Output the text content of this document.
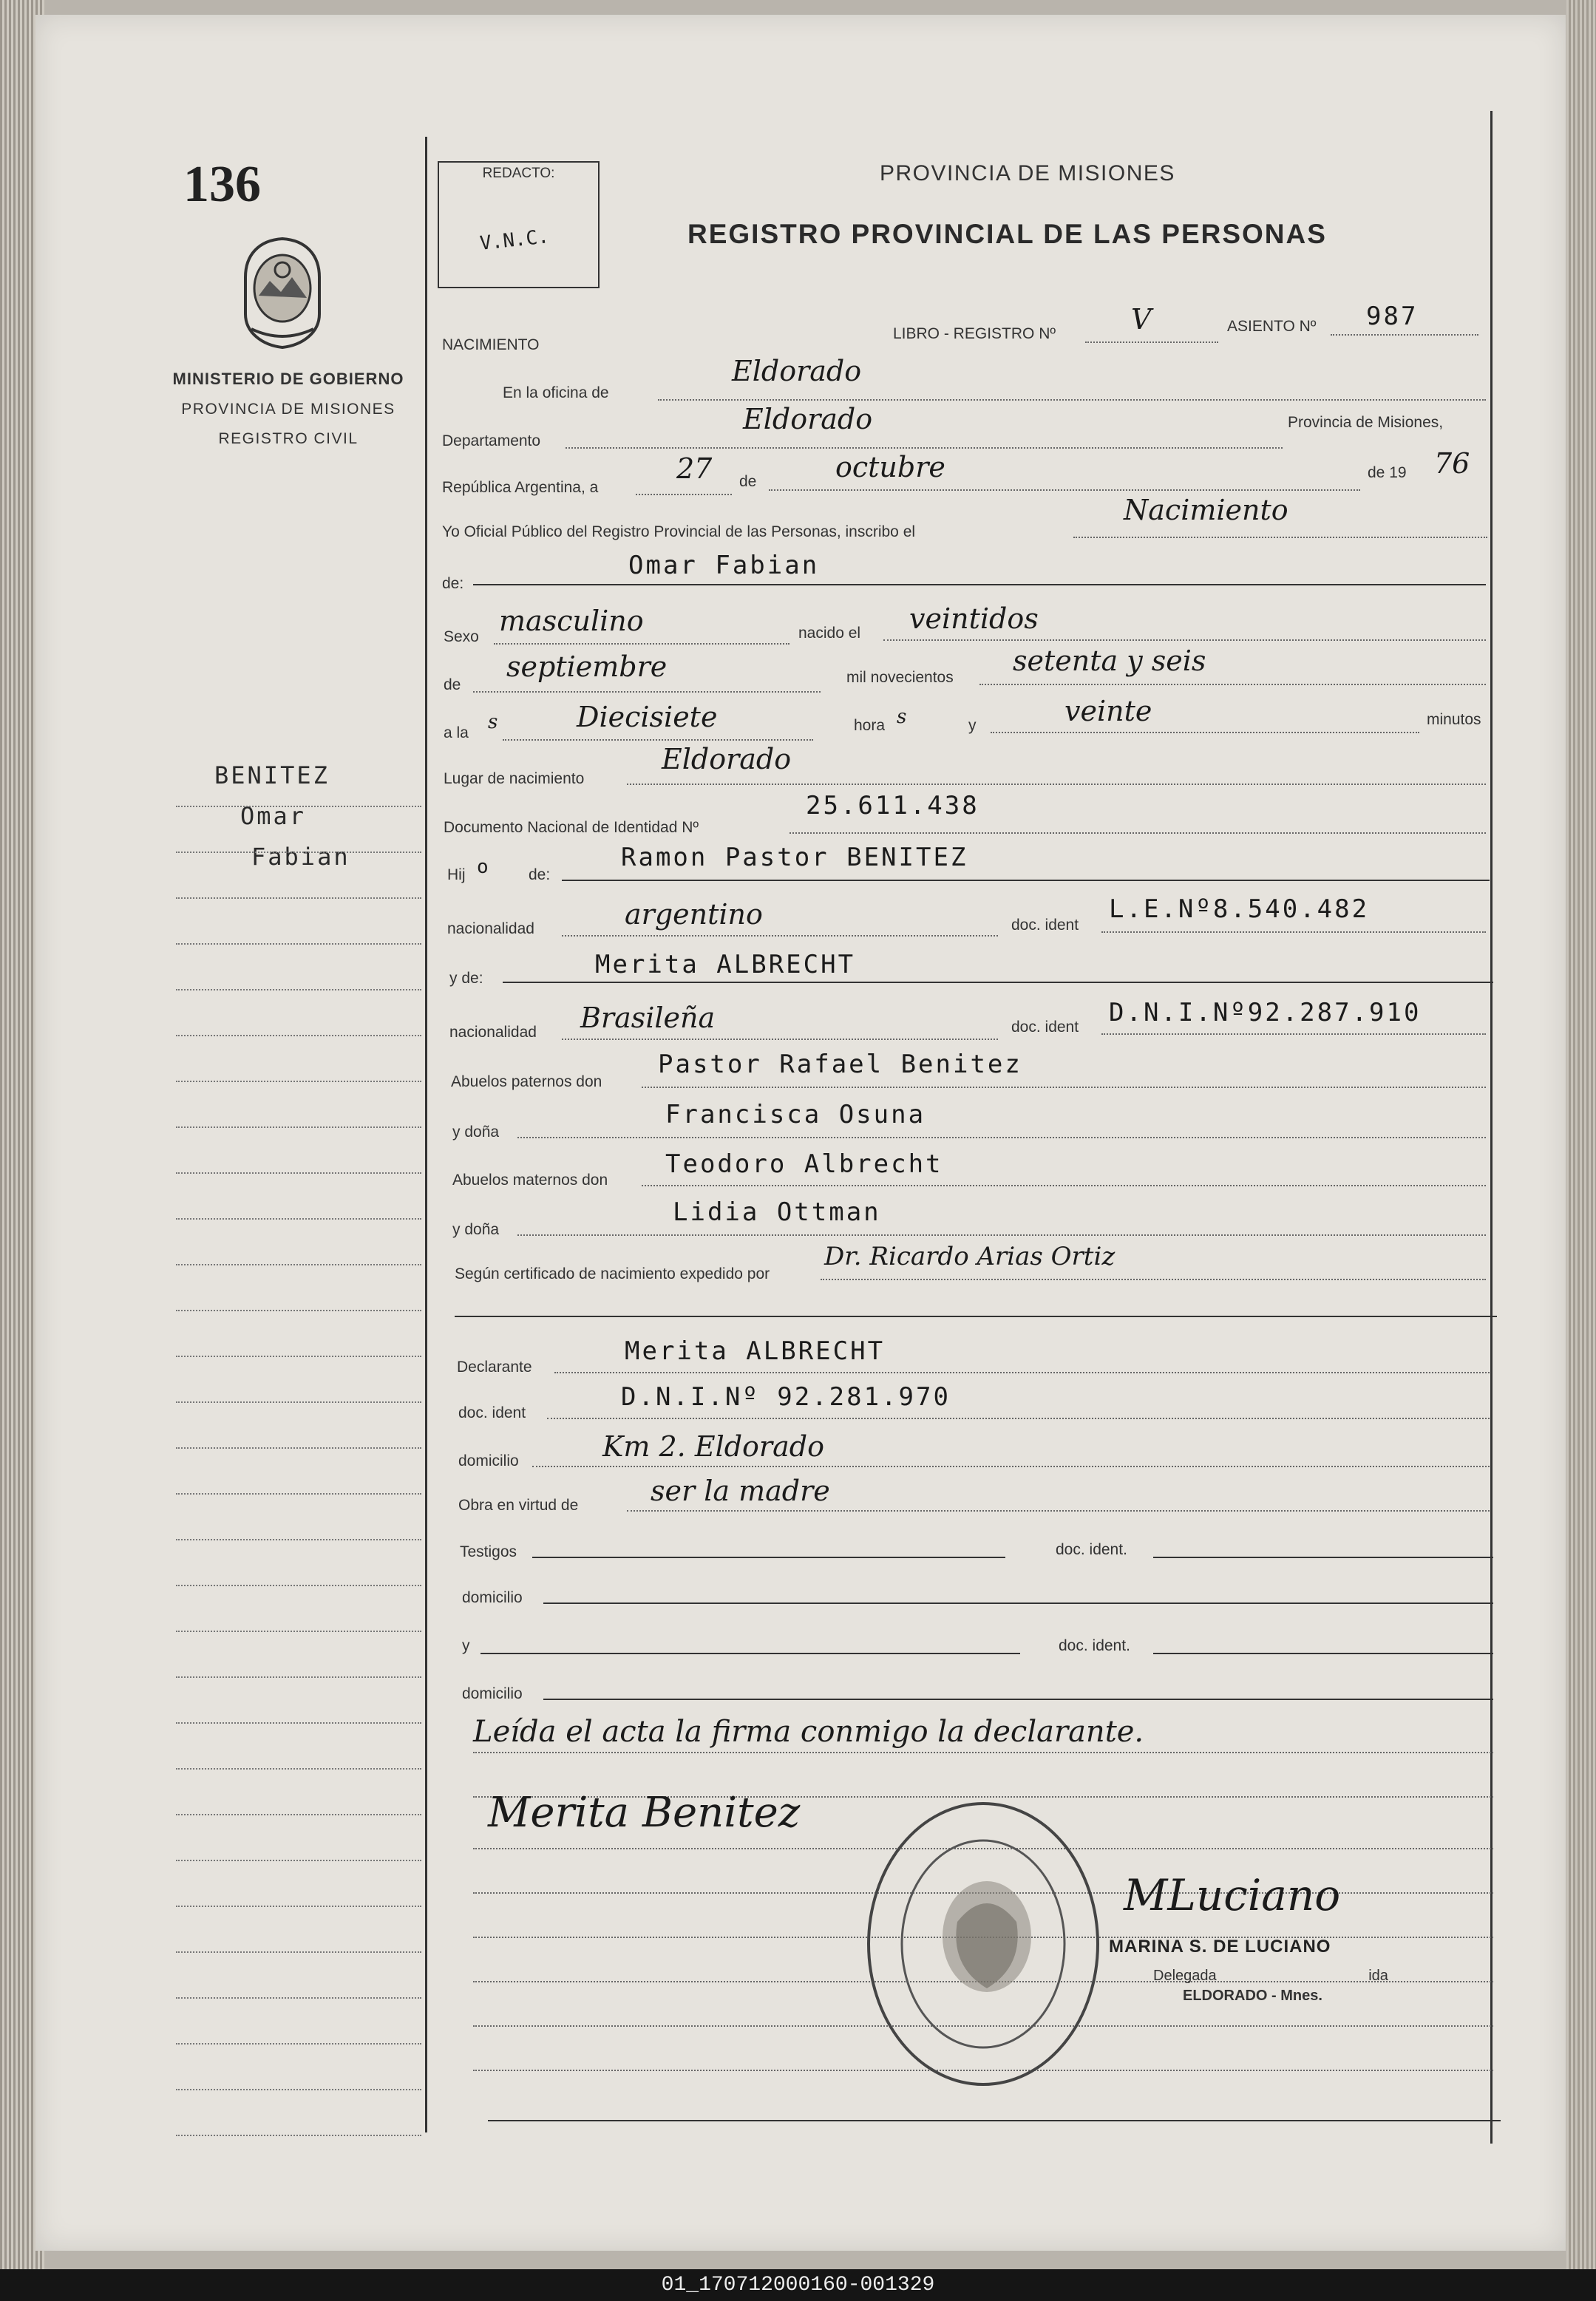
136
MINISTERIO DE GOBIERNO
PROVINCIA DE MISIONES
REGISTRO CIVIL
BENITEZ
Omar
Fabian
REDACTO:
V.N.C.
PROVINCIA DE MISIONES
REGISTRO PROVINCIAL DE LAS PERSONAS
NACIMIENTO
LIBRO - REGISTRO Nº	V	ASIENTO Nº 987
En la oficina de
Eldorado
Departamento
Eldorado	Provincia de Misiones,
República Argentina, a
27 de	octubre	de 19 76
Yo Oficial Público del Registro Provincial de las Personas, inscribo el
Nacimiento
de:
Omar Fabian
Sexo masculino	nacido el veintidos
de
septiembre	mil novecientos
setenta y seis
a la s	Diecisiete	hora s	y	veinte	minutos
Lugar de nacimiento
Eldorado
Documento Nacional de Identidad Nº
25.611.438
Hij o de:
Ramon Pastor BENITEZ
nacionalidad	argentino	doc. ident
L.E.Nº8.540.482
y de:	Merita ALBRECHT
nacionalidad Brasileña	doc. ident D.N.I.Nº92.287.910
Abuelos paternos don
Pastor Rafael Benitez
y doña
Francisca Osuna
Abuelos maternos don
Teodoro Albrecht
y doña
Lidia Ottman
Según certificado de nacimiento expedido por
Dr. Ricardo Arias Ortiz
Declarante
Merita ALBRECHT
doc. ident
D.N.I.Nº 92.281.970
domicilio	Km 2. Eldorado
Obra en virtud de	ser la madre
Testigos	doc. ident.
domicilio
y	doc. ident.
domicilio
Leída el acta la firma conmigo la declarante.
Merita Benitez
MLuciano
MARINA S. DE LUCIANO
Delegada	ida
ELDORADO - Mnes.
01_170712000160-001329
